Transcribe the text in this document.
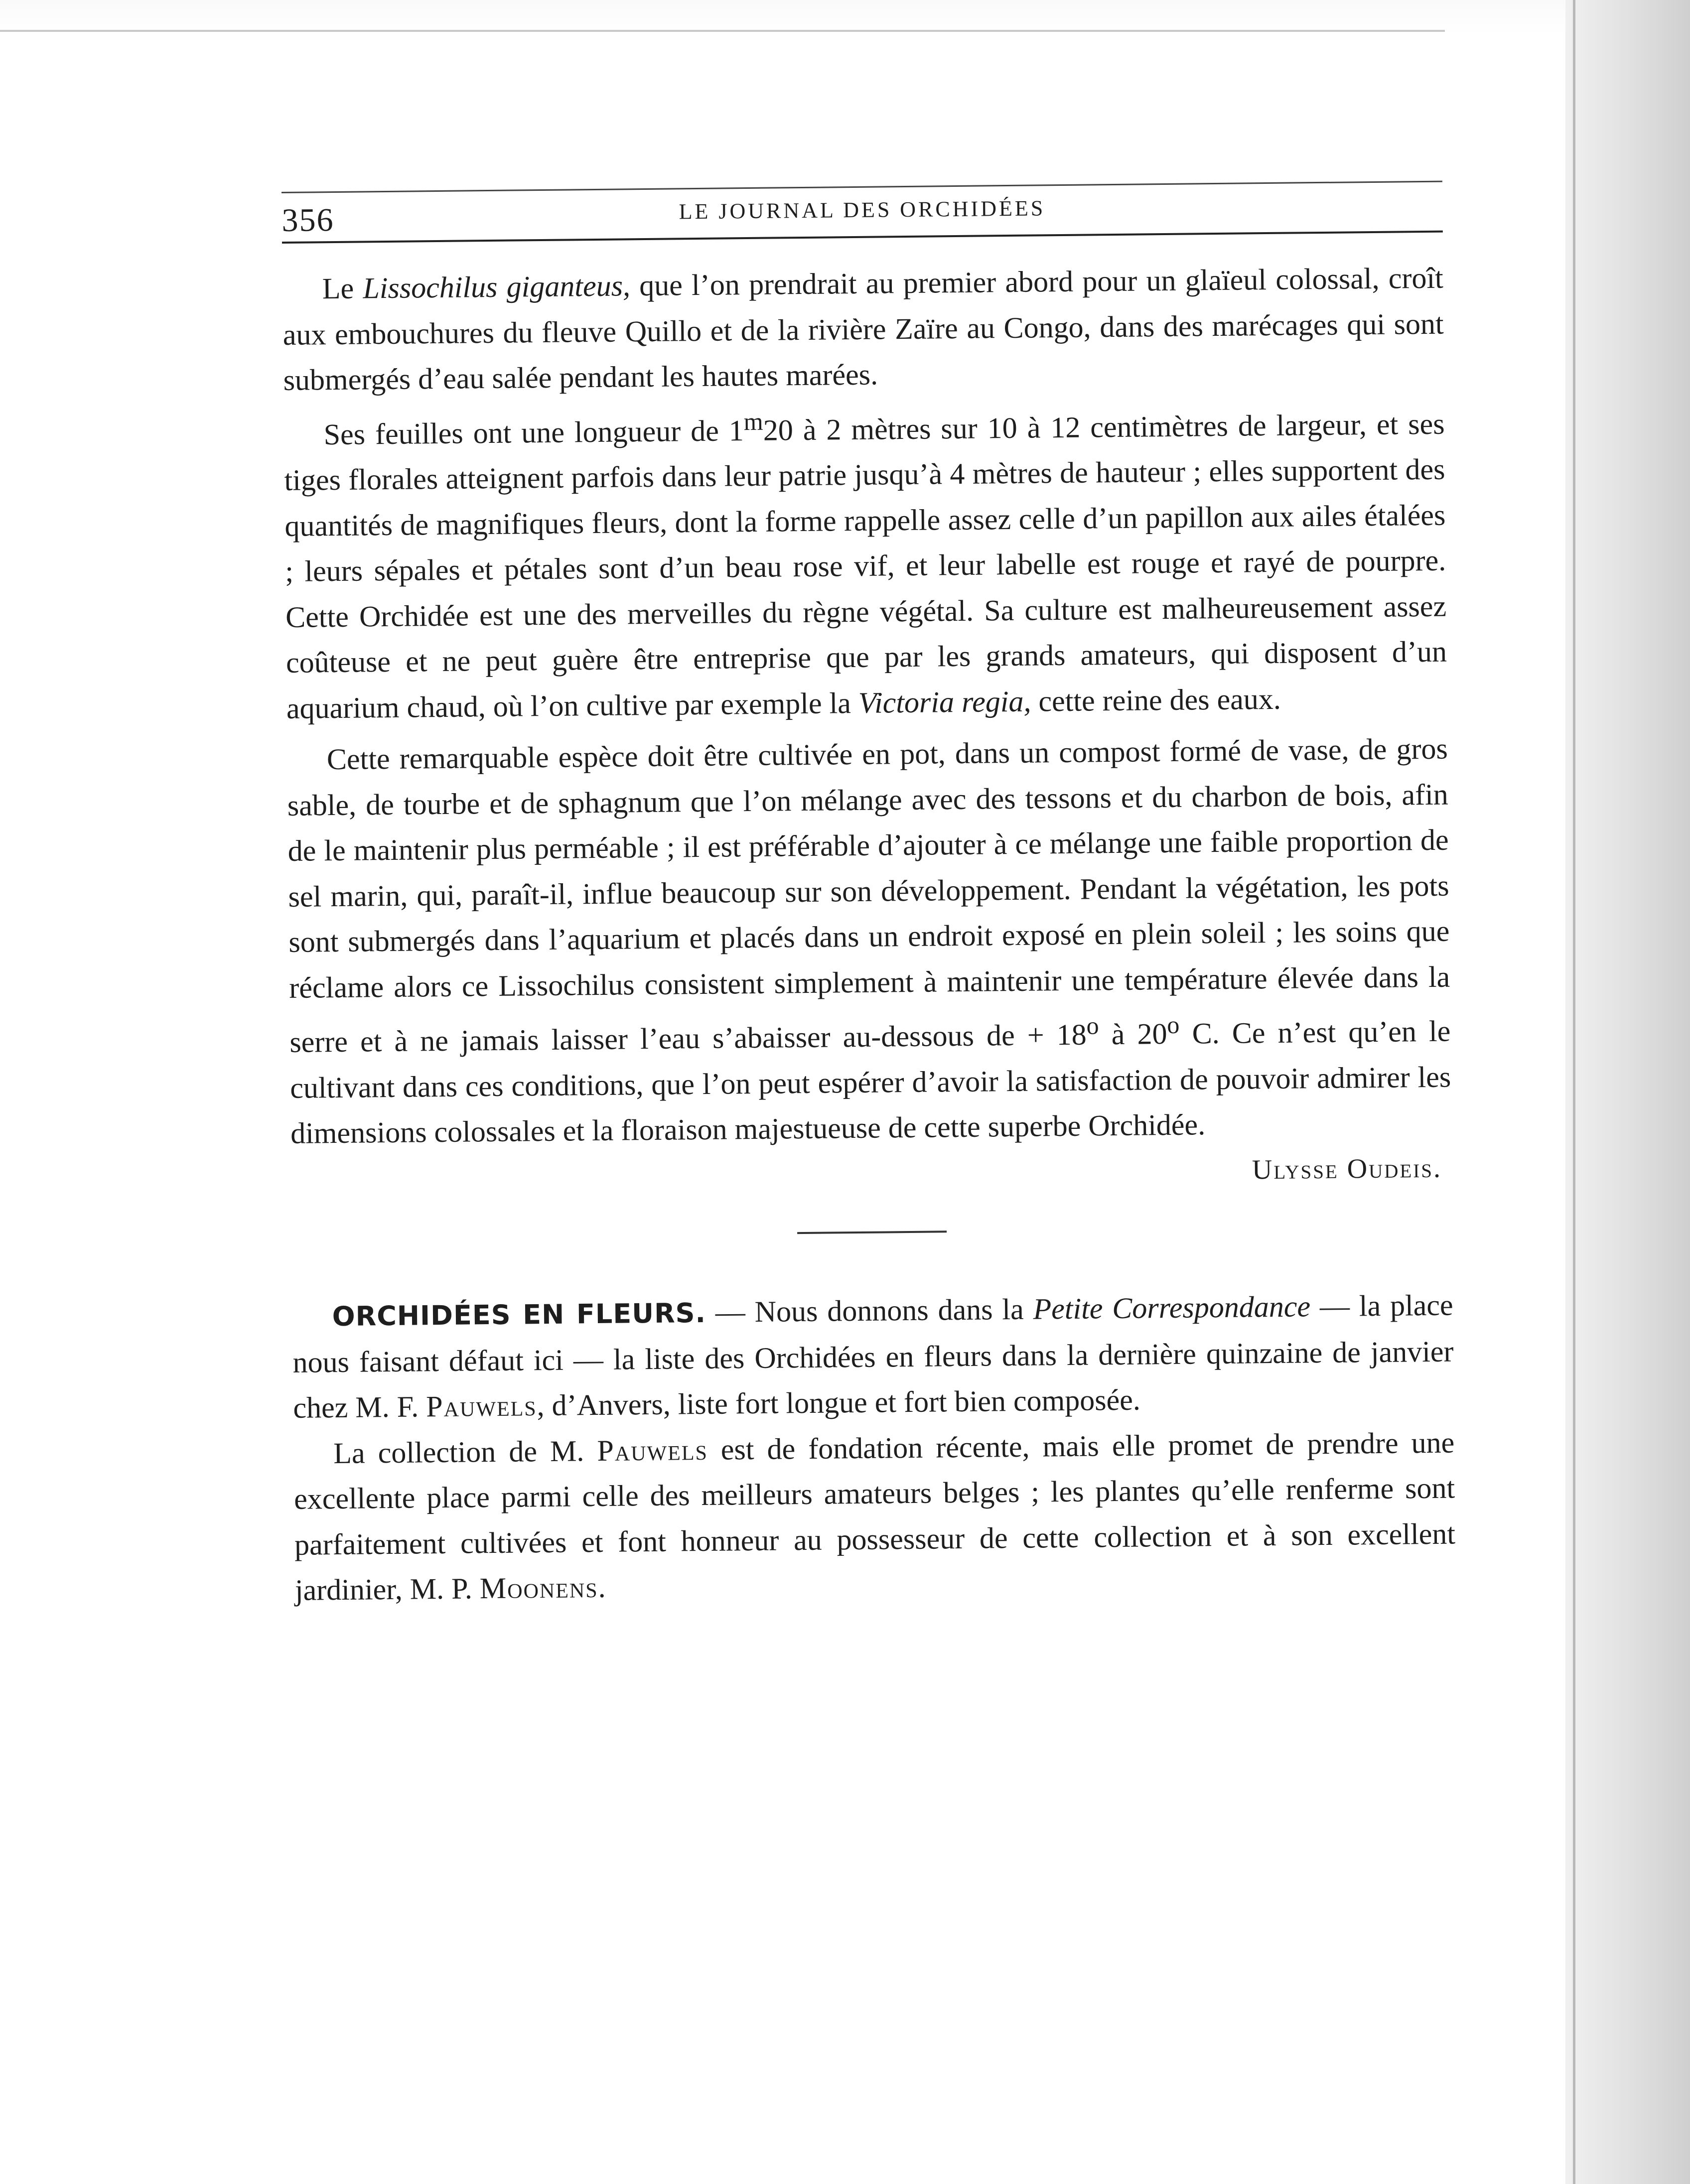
356	LE JOURNAL DES ORCHIDÉES

Le Lissochilus giganteus, que l’on prendrait au premier abord pour un glaïeul colossal, croît aux embouchures du fleuve Quillo et de la rivière Zaïre au Congo, dans des marécages qui sont submergés d’eau salée pendant les hautes marées.

Ses feuilles ont une longueur de 1$^m$20 à 2 mètres sur 10 à 12 centimètres de largeur, et ses tiges florales atteignent parfois dans leur patrie jusqu’à 4 mètres de hauteur ; elles supportent des quantités de magnifiques fleurs, dont la forme rappelle assez celle d’un papillon aux ailes étalées ; leurs sépales et pétales sont d’un beau rose vif, et leur labelle est rouge et rayé de pourpre. Cette Orchidée est une des merveilles du règne végétal. Sa culture est malheureusement assez coûteuse et ne peut guère être entreprise que par les grands amateurs, qui disposent d’un aquarium chaud, où l’on cultive par exemple la Victoria regia, cette reine des eaux.

Cette remarquable espèce doit être cultivée en pot, dans un compost formé de vase, de gros sable, de tourbe et de sphagnum que l’on mélange avec des tessons et du charbon de bois, afin de le maintenir plus perméable ; il est préférable d’ajouter à ce mélange une faible proportion de sel marin, qui, paraît-il, influe beaucoup sur son développement. Pendant la végétation, les pots sont submergés dans l’aquarium et placés dans un endroit exposé en plein soleil ; les soins que réclame alors ce Lissochilus consistent simplement à maintenir une température élevée dans la serre et à ne jamais laisser l’eau s’abaisser au-dessous de + $18^o$ à 20$^o$ C. Ce n’est qu’en le cultivant dans ces conditions, que l’on peut espérer d’avoir la satisfaction de pouvoir admirer les dimensions colossales et la floraison majestueuse de cette superbe Orchidée.

Ulysse Oudeis.

ORCHIDÉES EN FLEURS. — Nous donnons dans la Petite Correspondance — la place nous faisant défaut ici — la liste des Orchidées en fleurs dans la dernière quinzaine de janvier chez M. F. Pauwels, d’Anvers, liste fort longue et fort bien composée.

La collection de M. Pauwels est de fondation récente, mais elle promet de prendre une excellente place parmi celle des meilleurs amateurs belges ; les plantes qu’elle renferme sont parfaitement cultivées et font honneur au possesseur de cette collection et à son excellent jardinier, M. P. Moonens.
